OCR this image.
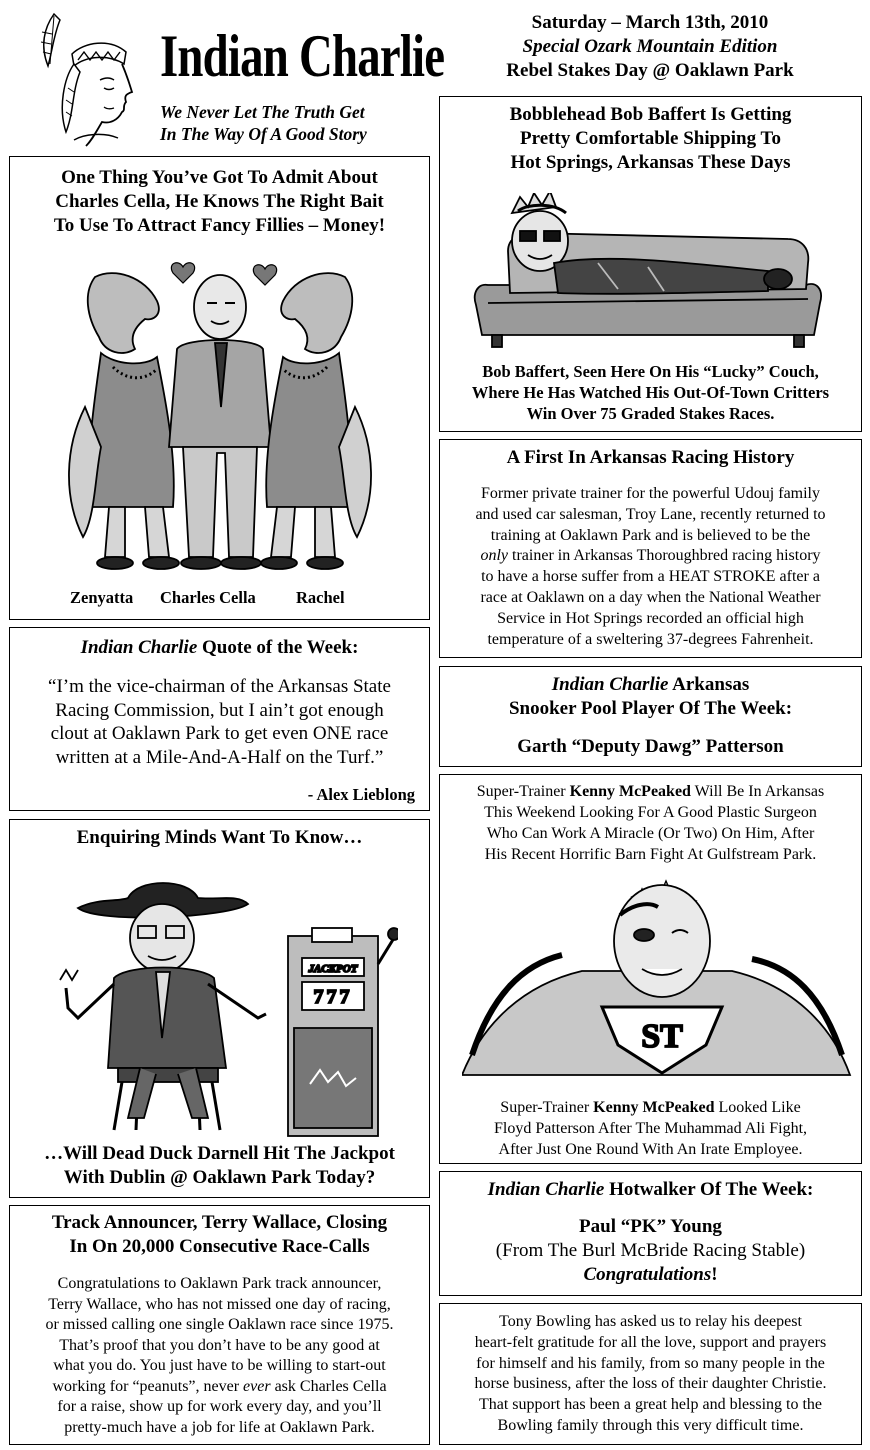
Indian Charlie
We Never Let The Truth Get
In The Way Of A Good Story
Saturday – March 13th, 2010
Special Ozark Mountain Edition
Rebel Stakes Day @ Oaklawn Park
One Thing You’ve Got To Admit About
Charles Cella, He Knows The Right Bait
To Use To Attract Fancy Fillies – Money!
Zenyatta Charles Cella Rachel
Indian Charlie Quote of the Week:
“I’m the vice-chairman of the Arkansas State
Racing Commission, but I ain’t got enough
clout at Oaklawn Park to get even ONE race
written at a Mile-And-A-Half on the Turf.”
- Alex Lieblong
Enquiring Minds Want To Know…
JACKPOT
777
…Will Dead Duck Darnell Hit The Jackpot
With Dublin @ Oaklawn Park Today?
Track Announcer, Terry Wallace, Closing
In On 20,000 Consecutive Race-Calls
Congratulations to Oaklawn Park track announcer,
Terry Wallace, who has not missed one day of racing,
or missed calling one single Oaklawn race since 1975.
That’s proof that you don’t have to be any good at
what you do. You just have to be willing to start-out
working for “peanuts”, never ever ask Charles Cella
for a raise, show up for work every day, and you’ll
pretty-much have a job for life at Oaklawn Park.
Bobblehead Bob Baffert Is Getting
Pretty Comfortable Shipping To
Hot Springs, Arkansas These Days
Bob Baffert, Seen Here On His “Lucky” Couch,
Where He Has Watched His Out-Of-Town Critters
Win Over 75 Graded Stakes Races.
A First In Arkansas Racing History
Former private trainer for the powerful Udouj family
and used car salesman, Troy Lane, recently returned to
training at Oaklawn Park and is believed to be the
only trainer in Arkansas Thoroughbred racing history
to have a horse suffer from a HEAT STROKE after a
race at Oaklawn on a day when the National Weather
Service in Hot Springs recorded an official high
temperature of a sweltering 37-degrees Fahrenheit.
Indian Charlie Arkansas
Snooker Pool Player Of The Week:
Garth “Deputy Dawg” Patterson
Super-Trainer Kenny McPeaked Will Be In Arkansas
This Weekend Looking For A Good Plastic Surgeon
Who Can Work A Miracle (Or Two) On Him, After
His Recent Horrific Barn Fight At Gulfstream Park.
ST
Super-Trainer Kenny McPeaked Looked Like
Floyd Patterson After The Muhammad Ali Fight,
After Just One Round With An Irate Employee.
Indian Charlie Hotwalker Of The Week:
Paul “PK” Young
(From The Burl McBride Racing Stable)
Congratulations!
Tony Bowling has asked us to relay his deepest
heart-felt gratitude for all the love, support and prayers
for himself and his family, from so many people in the
horse business, after the loss of their daughter Christie.
That support has been a great help and blessing to the
Bowling family through this very difficult time.
